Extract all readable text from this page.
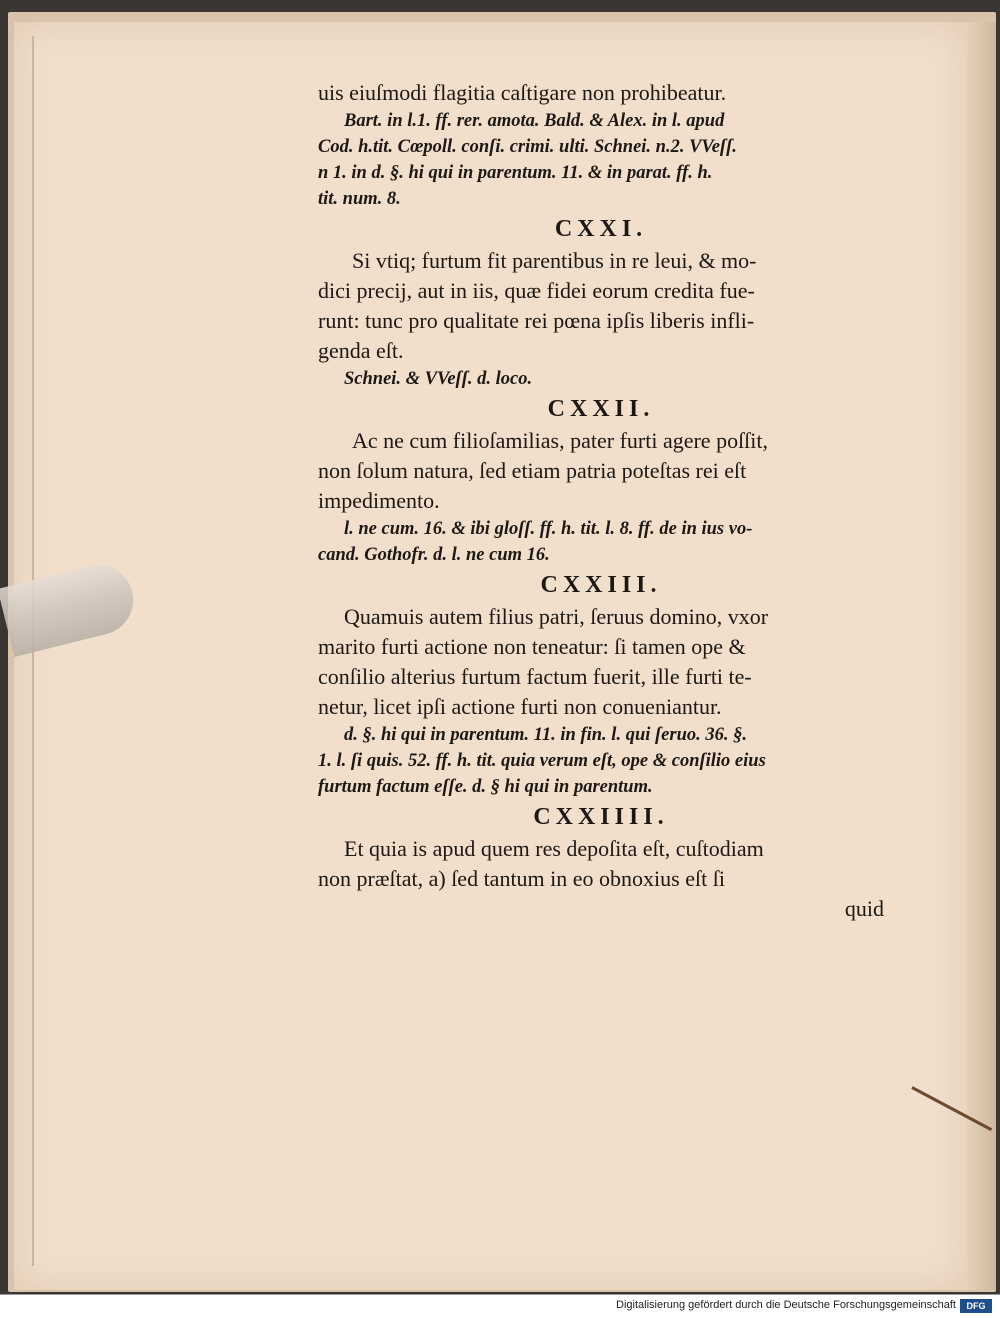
uis eiuſmodi flagitia caſtigare non prohibeatur.
Bart. in l.1. ff. rer. amota. Bald. & Alex. in l. apud
Cod. h.tit. Cœpoll. conſi. crimi. ulti. Schnei. n.2. VVeſſ.
n 1. in d. §. hi qui in parentum. 11. & in parat. ff. h.
tit. num. 8.
CXXI.
Si vtiq; furtum fit parentibus in re leui, & mo-
dici precij, aut in iis, quæ fidei eorum credita fue-
runt: tunc pro qualitate rei pœna ipſis liberis infli-
genda eſt.
Schnei. & VVeſſ. d. loco.
CXXII.
Ac ne cum filioſamilias, pater furti agere poſſit,
non ſolum natura, ſed etiam patria poteſtas rei eſt
impedimento.
l. ne cum. 16. & ibi gloſſ. ff. h. tit. l. 8. ff. de in ius vo-
cand. Gothofr. d. l. ne cum 16.
CXXIII.
Quamuis autem filius patri, ſeruus domino, vxor
marito furti actione non teneatur: ſi tamen ope &
conſilio alterius furtum factum fuerit, ille furti te-
netur, licet ipſi actione furti non conueniantur.
d. §. hi qui in parentum. 11. in fin. l. qui ſeruo. 36. §.
1. l. ſi quis. 52. ff. h. tit. quia verum eſt, ope & conſilio eius
furtum factum eſſe. d. § hi qui in parentum.
CXXIIII.
Et quia is apud quem res depoſita eſt, cuſtodiam
non præſtat, a) ſed tantum in eo obnoxius eſt ſi
quid
Digitalisierung gefördert durch die Deutsche Forschungsgemeinschaft	DFG
